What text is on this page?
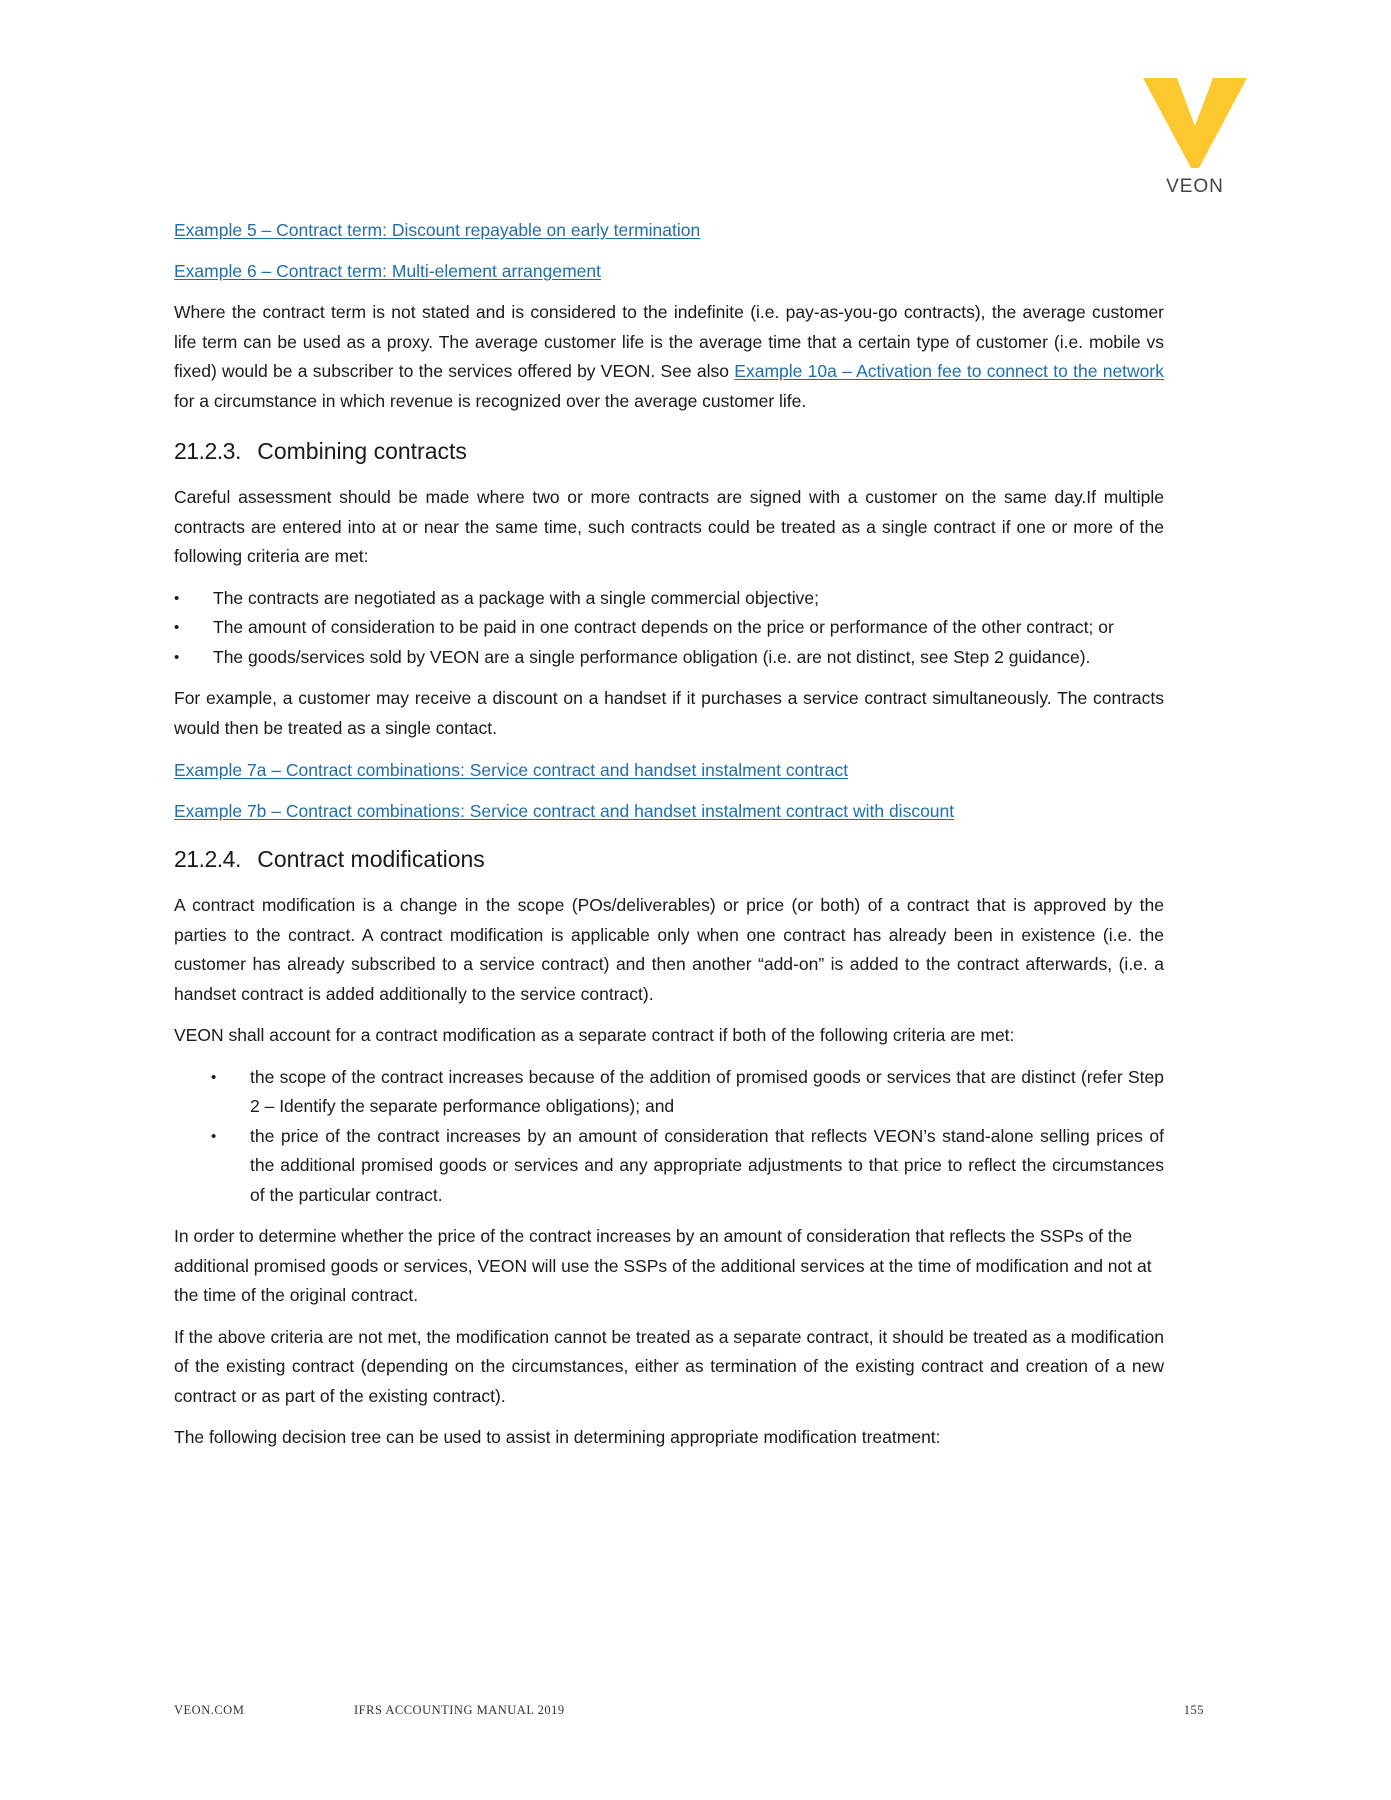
VEON
Example 5 – Contract term: Discount repayable on early termination
Example 6 – Contract term: Multi-element arrangement

Where the contract term is not stated and is considered to the indefinite (i.e. pay-as-you-go contracts), the average customer life term can be used as a proxy. The average customer life is the average time that a certain type of customer (i.e. mobile vs fixed) would be a subscriber to the services offered by VEON. See also Example 10a – Activation fee to connect to the network for a circumstance in which revenue is recognized over the average customer life.

21.2.3. Combining contracts

Careful assessment should be made where two or more contracts are signed with a customer on the same day.If multiple contracts are entered into at or near the same time, such contracts could be treated as a single contract if one or more of the following criteria are met:

• The contracts are negotiated as a package with a single commercial objective;
• The amount of consideration to be paid in one contract depends on the price or performance of the other contract; or
• The goods/services sold by VEON are a single performance obligation (i.e. are not distinct, see Step 2 guidance).

For example, a customer may receive a discount on a handset if it purchases a service contract simultaneously. The contracts would then be treated as a single contact.

Example 7a – Contract combinations: Service contract and handset instalment contract
Example 7b – Contract combinations: Service contract and handset instalment contract with discount
21.2.4. Contract modifications

A contract modification is a change in the scope (POs/deliverables) or price (or both) of a contract that is approved by the parties to the contract. A contract modification is applicable only when one contract has already been in existence (i.e. the customer has already subscribed to a service contract) and then another “add-on” is added to the contract afterwards, (i.e. a handset contract is added additionally to the service contract).

VEON shall account for a contract modification as a separate contract if both of the following criteria are met:

• the scope of the contract increases because of the addition of promised goods or services that are distinct (refer Step 2 – Identify the separate performance obligations); and
• the price of the contract increases by an amount of consideration that reflects VEON’s stand-alone selling prices of the additional promised goods or services and any appropriate adjustments to that price to reflect the circumstances of the particular contract.

In order to determine whether the price of the contract increases by an amount of consideration that reflects the SSPs of the additional promised goods or services, VEON will use the SSPs of the additional services at the time of modification and not at the time of the original contract.

If the above criteria are not met, the modification cannot be treated as a separate contract, it should be treated as a modification of the existing contract (depending on the circumstances, either as termination of the existing contract and creation of a new contract or as part of the existing contract).

The following decision tree can be used to assist in determining appropriate modification treatment:

VEON.COM	IFRS ACCOUNTING MANUAL 2019	155
